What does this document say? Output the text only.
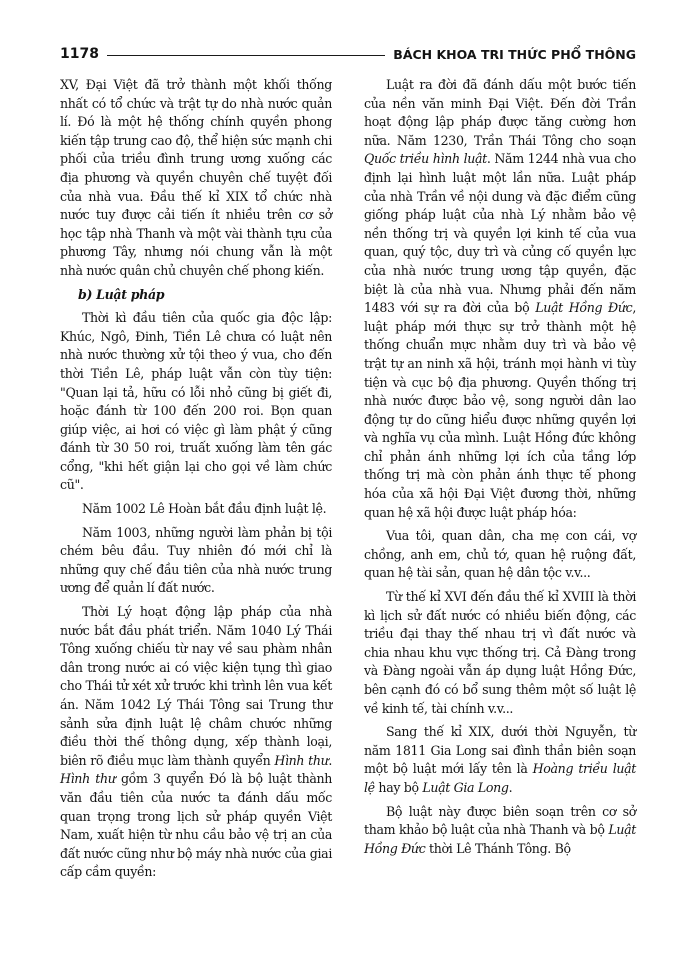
1178	BÁCH KHOA TRI THỨC PHỔ THÔNG

XV, Đại Việt đã trở thành một khối thống nhất có tổ chức và trật tự do nhà nước quản lí. Đó là một hệ thống chính quyền phong kiến tập trung cao độ, thể hiện sức mạnh chi phối của triều đình trung ương xuống các địa phương và quyền chuyên chế tuyệt đối của nhà vua. Đầu thế kỉ XIX tổ chức nhà nước tuy được cải tiến ít nhiều trên cơ sở học tập nhà Thanh và một vài thành tựu của phương Tây, nhưng nói chung vẫn là một nhà nước quân chủ chuyên chế phong kiến.

b) Luật pháp

Thời kì đầu tiên của quốc gia độc lập: Khúc, Ngô, Đinh, Tiền Lê chưa có luật nên nhà nước thường xử tội theo ý vua, cho đến thời Tiền Lê, pháp luật vẫn còn tùy tiện: "Quan lại tả, hữu có lỗi nhỏ cũng bị giết đi, hoặc đánh từ 100 đến 200 roi. Bọn quan giúp việc, ai hơi có việc gì làm phật ý cũng đánh từ 30 50 roi, truất xuống làm tên gác cổng, "khi hết giận lại cho gọi về làm chức cũ".

Năm 1002 Lê Hoàn bắt đầu định luật lệ.

Năm 1003, những người làm phản bị tội chém bêu đầu. Tuy nhiên đó mới chỉ là những quy chế đầu tiên của nhà nước trung ương để quản lí đất nước.

Thời Lý hoạt động lập pháp của nhà nước bắt đầu phát triển. Năm 1040 Lý Thái Tông xuống chiếu từ nay về sau phàm nhân dân trong nước ai có việc kiện tụng thì giao cho Thái tử xét xử trước khi trình lên vua kết án. Năm 1042 Lý Thái Tông sai Trung thư sảnh sửa định luật lệ châm chước những điều thời thế thông dụng, xếp thành loại, biên rõ điều mục làm thành quyển Hình thư. Hình thư gồm 3 quyển Đó là bộ luật thành văn đầu tiên của nước ta đánh dấu mốc quan trọng trong lịch sử pháp quyền Việt Nam, xuất hiện từ nhu cầu bảo vệ trị an của đất nước cũng như bộ máy nhà nước của giai cấp cầm quyền:

Luật ra đời đã đánh dấu một bước tiến của nền văn minh Đại Việt. Đến đời Trần hoạt động lập pháp được tăng cường hơn nữa. Năm 1230, Trần Thái Tông cho soạn Quốc triều hình luật. Năm 1244 nhà vua cho định lại hình luật một lần nữa. Luật pháp của nhà Trần về nội dung và đặc điểm cũng giống pháp luật của nhà Lý nhằm bảo vệ nền thống trị và quyền lợi kinh tế của vua quan, quý tộc, duy trì và củng cố quyền lực của nhà nước trung ương tập quyền, đặc biệt là của nhà vua. Nhưng phải đến năm 1483 với sự ra đời của bộ Luật Hồng Đức, luật pháp mới thực sự trở thành một hệ thống chuẩn mực nhằm duy trì và bảo vệ trật tự an ninh xã hội, tránh mọi hành vi tùy tiện và cục bộ địa phương. Quyền thống trị nhà nước được bảo vệ, song người dân lao động tự do cũng hiểu được những quyền lợi và nghĩa vụ của mình. Luật Hồng đức không chỉ phản ánh những lợi ích của tầng lớp thống trị mà còn phản ánh thực tế phong hóa của xã hội Đại Việt đương thời, những quan hệ xã hội được luật pháp hóa:

Vua tôi, quan dân, cha mẹ con cái, vợ chồng, anh em, chủ tớ, quan hệ ruộng đất, quan hệ tài sản, quan hệ dân tộc v.v...

Từ thế kỉ XVI đến đầu thế kỉ XVIII là thời kì lịch sử đất nước có nhiều biến động, các triều đại thay thế nhau trị vì đất nước và chia nhau khu vực thống trị. Cả Đàng trong và Đàng ngoài vẫn áp dụng luật Hồng Đức, bên cạnh đó có bổ sung thêm một số luật lệ về kinh tế, tài chính v.v...

Sang thế kỉ XIX, dưới thời Nguyễn, từ năm 1811 Gia Long sai đình thần biên soạn một bộ luật mới lấy tên là Hoàng triều luật lệ hay bộ Luật Gia Long.

Bộ luật này được biên soạn trên cơ sở tham khảo bộ luật của nhà Thanh và bộ Luật Hồng Đức thời Lê Thánh Tông. Bộ
